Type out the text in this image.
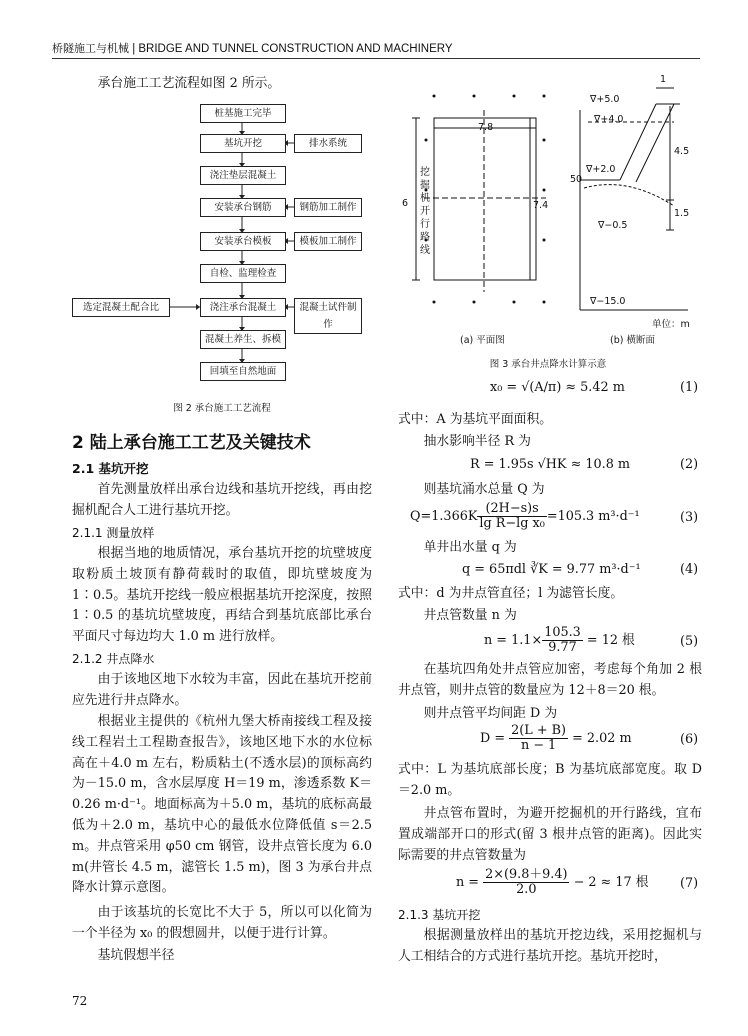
桥隧施工与机械 | BRIDGE AND TUNNEL CONSTRUCTION AND MACHINERY
承台施工工艺流程如图 2 所示。
桩基施工完毕
基坑开挖	排水系统
浇注垫层混凝土
安装承台钢筋	钢筋加工制作
安装承台模板	模板加工制作
自检、监理检查
选定混凝土配合比	浇注承台混凝土	混凝土试件制作
混凝土养生、拆模
回填至自然地面
图 2 承台施工工艺流程
2 陆上承台施工工艺及关键技术
2.1 基坑开挖
首先测量放样出承台边线和基坑开挖线，再由挖掘机配合人工进行基坑开挖。
2.1.1 测量放样
根据当地的地质情况，承台基坑开挖的坑壁坡度取粉质土坡顶有静荷载时的取值，即坑壁坡度为 1∶0.5。基坑开挖线一般应根据基坑开挖深度，按照 1∶0.5 的基坑坑壁坡度，再结合到基坑底部比承台平面尺寸每边均大 1.0 m 进行放样。
2.1.2 井点降水
由于该地区地下水较为丰富，因此在基坑开挖前应先进行井点降水。
根据业主提供的《杭州九堡大桥南接线工程及接线工程岩土工程勘查报告》，该地区地下水的水位标高在＋4.0 m 左右，粉质粘土(不透水层)的顶标高约为－15.0 m，含水层厚度 H＝19 m，渗透系数 K＝0.26 m·d⁻¹。地面标高为＋5.0 m，基坑的底标高最低为＋2.0 m，基坑中心的最低水位降低值 s＝2.5 m。井点管采用 φ50 cm 钢管，设井点管长度为 6.0 m(井管长 4.5 m，滤管长 1.5 m)，图 3 为承台井点降水计算示意图。
由于该基坑的长宽比不大于 5，所以可以化简为一个半径为 x₀ 的假想圆井，以便于进行计算。
基坑假想半径
72
挖掘机开行路线
7.8
6	7.4
∇+5.0
∇+4.0
∇+2.0
∇−0.5
∇−15.0
1
4.5
50
1.5
单位：m
(a) 平面图	(b) 横断面
图 3 承台井点降水计算示意
x₀ = √(A/π) ≈ 5.42 m	(1)
式中：A 为基坑平面面积。
抽水影响半径 R 为
R = 1.95s √HK ≈ 10.8 m	(2)
则基坑涌水总量 Q 为
$Q=1.366K \frac{(2H-s)s}{\text{lg R−lg x₀}} =105.3$ m³·d⁻¹	(3)
单井出水量 q 为
q = 65πdl ∛K = 9.77 m³·d⁻¹	(4)
式中：d 为井点管直径；l 为滤管长度。
井点管数量 n 为
$n = 1.1\times \frac{105.3}{9.77} = 12$ 根	(5)
在基坑四角处井点管应加密，考虑每个角加 2 根井点管，则井点管的数量应为 12＋8＝20 根。
则井点管平均间距 D 为
$D = \frac{2(L + B)}{n - 1} = 2.02$ m	(6)
式中：L 为基坑底部长度；B 为基坑底部宽度。取 D＝2.0 m。
井点管布置时，为避开挖掘机的开行路线，宜布置成端部开口的形式(留 3 根井点管的距离)。因此实际需要的井点管数量为
$n = \frac{2\times(9.8+9.4)}{2.0} - 2 \approx 17$ 根 (7)
2.1.3 基坑开挖
根据测量放样出的基坑开挖边线，采用挖掘机与人工相结合的方式进行基坑开挖。基坑开挖时，
